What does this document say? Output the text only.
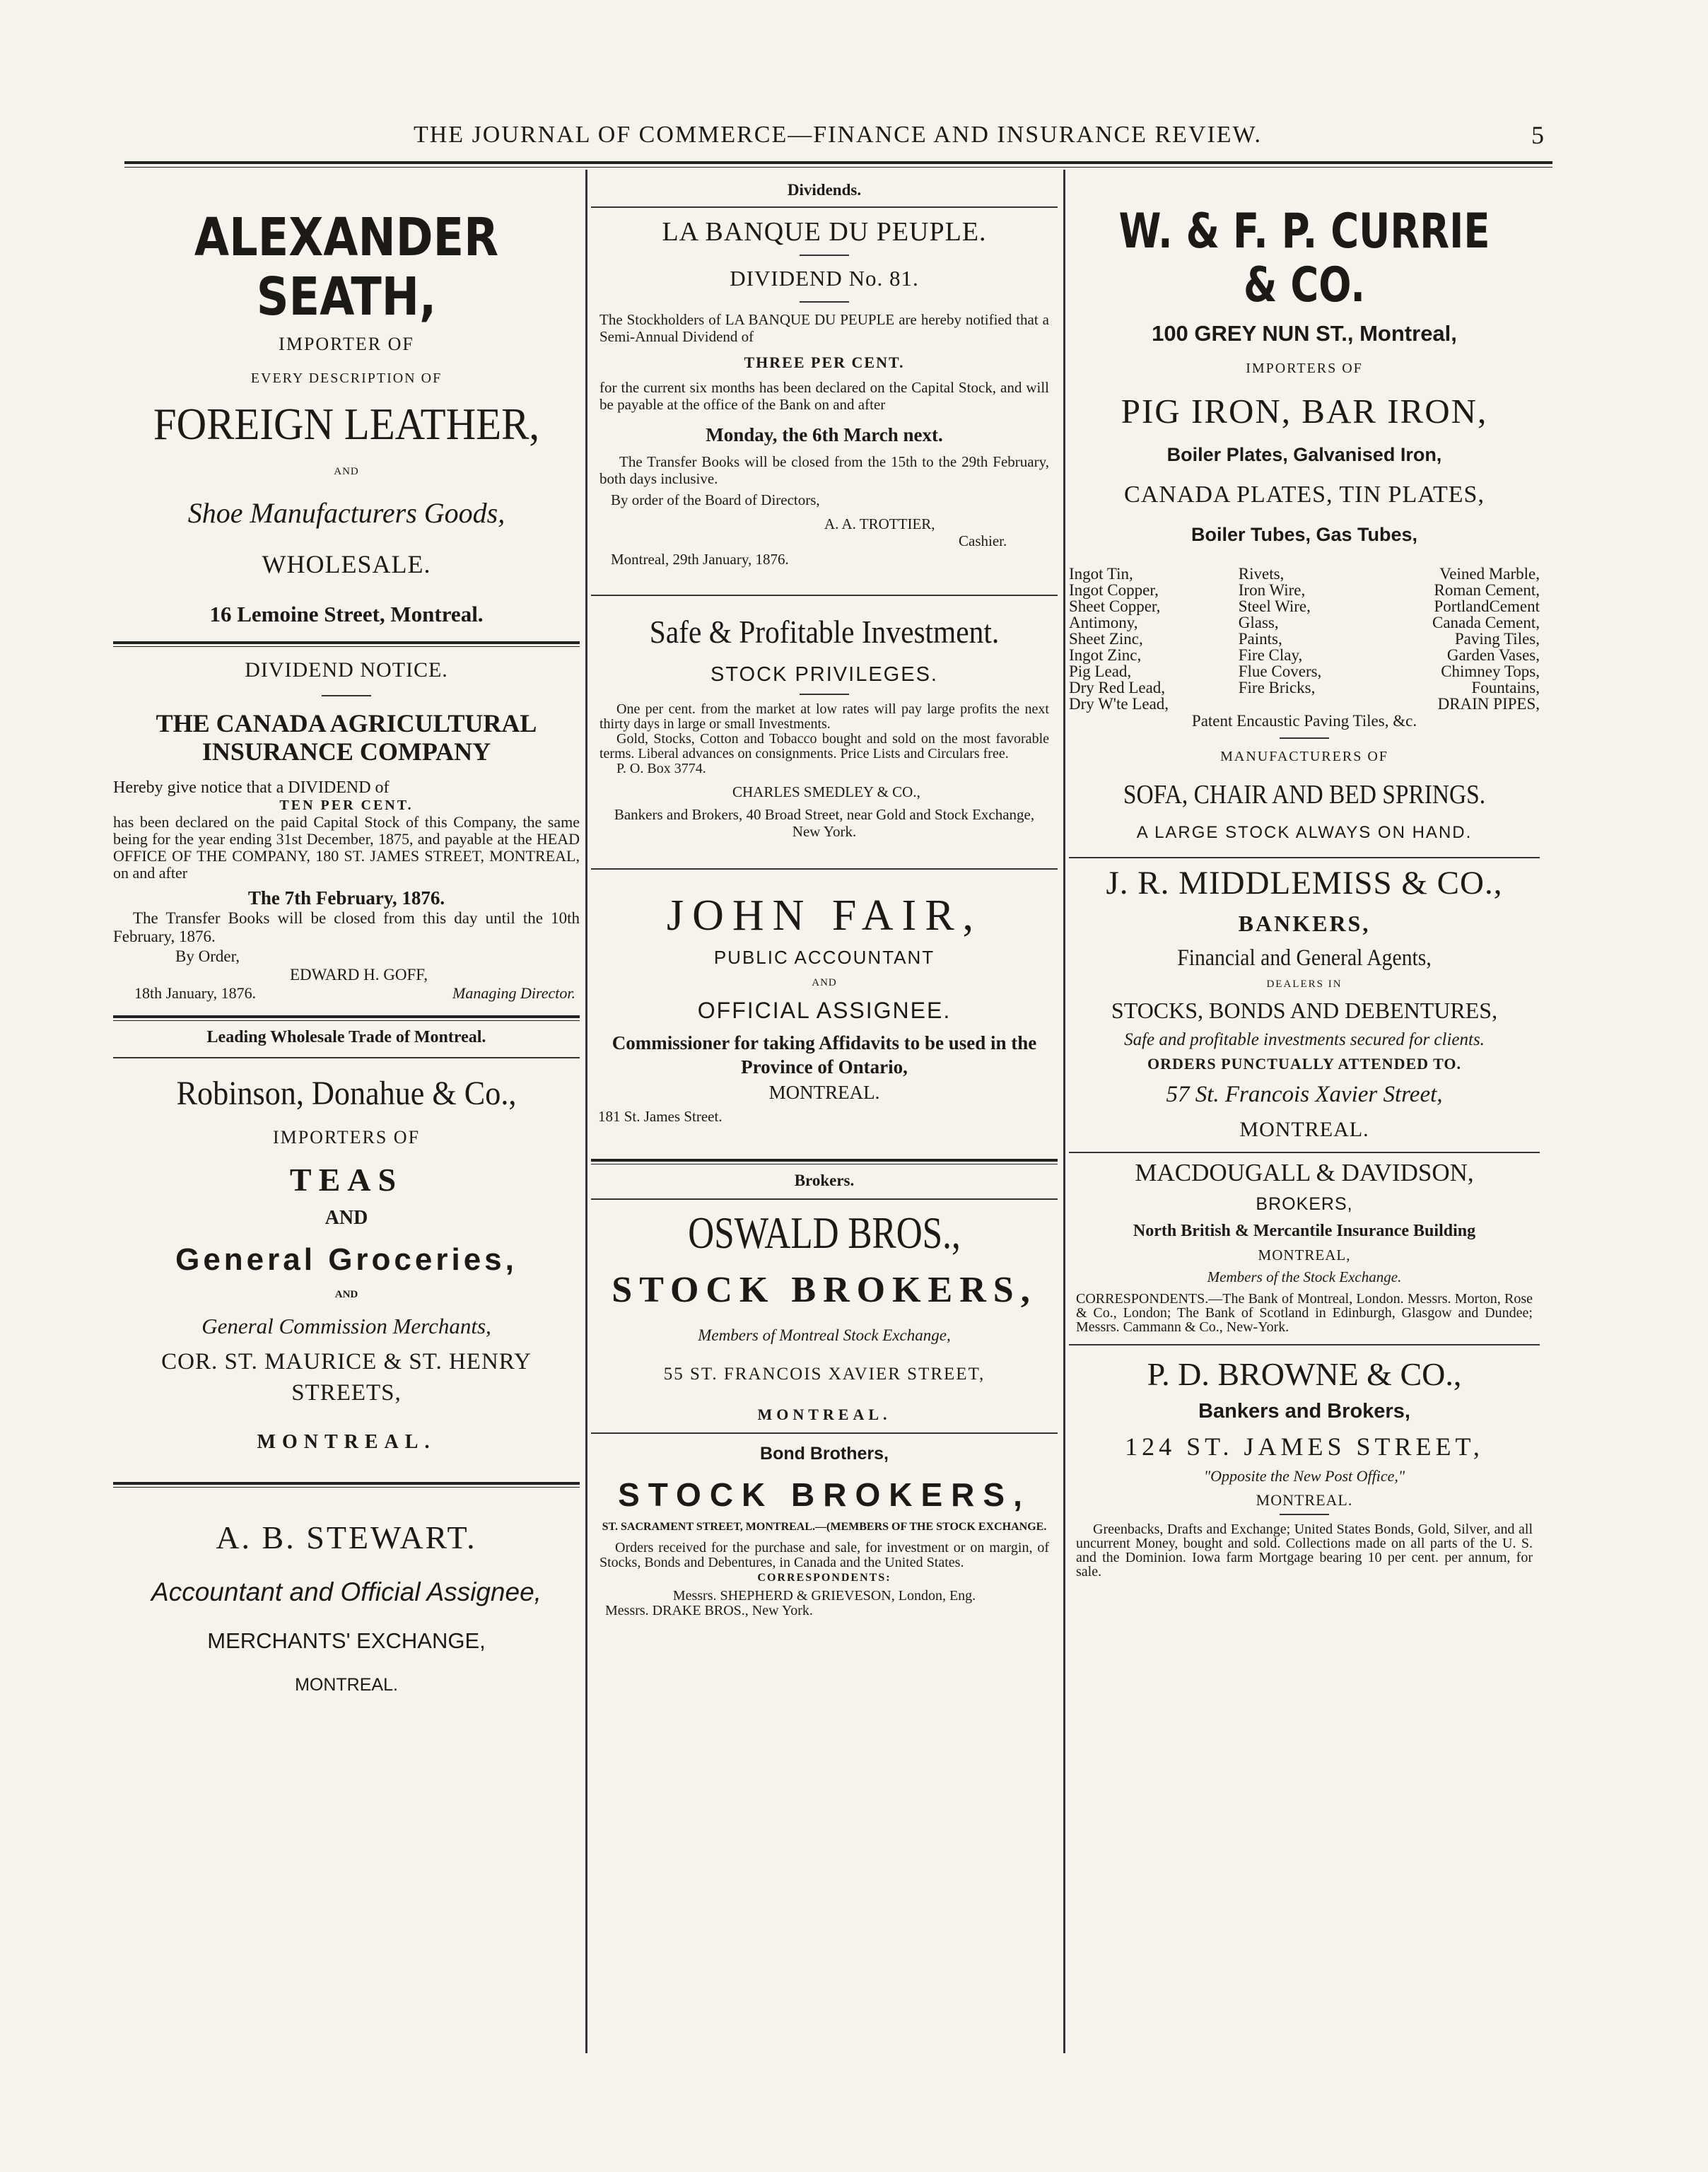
THE JOURNAL OF COMMERCE—FINANCE AND INSURANCE REVIEW.	5
ALEXANDER SEATH,
IMPORTER OF
EVERY DESCRIPTION OF
FOREIGN LEATHER,
AND
Shoe Manufacturers Goods,
WHOLESALE.
16 Lemoine Street, Montreal.
DIVIDEND NOTICE.
THE CANADA AGRICULTURAL INSURANCE COMPANY
Hereby give notice that a DIVIDEND of
TEN PER CENT.
has been declared on the paid Capital Stock of this Company, the same being for the year ending 31st December, 1875, and payable at the HEAD OFFICE OF THE COMPANY, 180 ST. JAMES STREET, MONTREAL, on and after
The 7th February, 1876.
The Transfer Books will be closed from this day until the 10th February, 1876.
By Order,
EDWARD H. GOFF,
18th January, 1876.	Managing Director.
Leading Wholesale Trade of Montreal.
Robinson, Donahue & Co.,
IMPORTERS OF
TEAS
AND
General Groceries,
AND
General Commission Merchants,
COR. ST. MAURICE & ST. HENRY STREETS,
MONTREAL.
A. B. STEWART.
Accountant and Official Assignee,
MERCHANTS' EXCHANGE,
MONTREAL.
Dividends.
LA BANQUE DU PEUPLE.
DIVIDEND No. 81.
The Stockholders of LA BANQUE DU PEUPLE are hereby notified that a Semi-Annual Dividend of
THREE PER CENT.
for the current six months has been declared on the Capital Stock, and will be payable at the office of the Bank on and after
Monday, the 6th March next.
The Transfer Books will be closed from the 15th to the 29th February, both days inclusive.
By order of the Board of Directors,
A. A. TROTTIER,
Cashier.
Montreal, 29th January, 1876.
Safe & Profitable Investment.
STOCK PRIVILEGES.
One per cent. from the market at low rates will pay large profits the next thirty days in large or small Investments.
Gold, Stocks, Cotton and Tobacco bought and sold on the most favorable terms. Liberal advances on consignments. Price Lists and Circulars free.
P. O. Box 3774.
CHARLES SMEDLEY & CO.,
Bankers and Brokers, 40 Broad Street, near Gold and Stock Exchange, New York.
JOHN FAIR,
PUBLIC ACCOUNTANT
AND
OFFICIAL ASSIGNEE.
Commissioner for taking Affidavits to be used in the Province of Ontario,
MONTREAL.
181 St. James Street.
Brokers.
OSWALD BROS.,
STOCK BROKERS,
Members of Montreal Stock Exchange,
55 ST. FRANCOIS XAVIER STREET,
MONTREAL.
Bond Brothers,
STOCK BROKERS,
ST. SACRAMENT STREET, MONTREAL.—(MEMBERS OF THE STOCK EXCHANGE.
Orders received for the purchase and sale, for investment or on margin, of Stocks, Bonds and Debentures, in Canada and the United States.
CORRESPONDENTS:
Messrs. SHEPHERD & GRIEVESON, London, Eng.
Messrs. DRAKE BROS., New York.
W. & F. P. CURRIE & CO.
100 GREY NUN ST., Montreal,
IMPORTERS OF
PIG IRON, BAR IRON,
Boiler Plates, Galvanised Iron,
CANADA PLATES, TIN PLATES,
Boiler Tubes, Gas Tubes,
Ingot Tin,	Rivets,	Veined Marble,
Ingot Copper,	Iron Wire,	Roman Cement,
Sheet Copper,	Steel Wire,	PortlandCement
Antimony,	Glass,	Canada Cement,
Sheet Zinc,	Paints,	Paving Tiles,
Ingot Zinc,	Fire Clay,	Garden Vases,
Pig Lead,	Flue Covers,	Chimney Tops,
Dry Red Lead,	Fire Bricks,	Fountains,
Dry W'te Lead,		DRAIN PIPES,
Patent Encaustic Paving Tiles, &c.
MANUFACTURERS OF
SOFA, CHAIR AND BED SPRINGS.
A LARGE STOCK ALWAYS ON HAND.
J. R. MIDDLEMISS & CO.,
BANKERS,
Financial and General Agents,
DEALERS IN
STOCKS, BONDS AND DEBENTURES,
Safe and profitable investments secured for clients.
ORDERS PUNCTUALLY ATTENDED TO.
57 St. Francois Xavier Street,
MONTREAL.
MACDOUGALL & DAVIDSON,
BROKERS,
North British & Mercantile Insurance Building
MONTREAL,
Members of the Stock Exchange.
CORRESPONDENTS.—The Bank of Montreal, London. Messrs. Morton, Rose & Co., London; The Bank of Scotland in Edinburgh, Glasgow and Dundee; Messrs. Cammann & Co., New-York.
P. D. BROWNE & CO.,
Bankers and Brokers,
124 ST. JAMES STREET,
"Opposite the New Post Office,"
MONTREAL.
Greenbacks, Drafts and Exchange; United States Bonds, Gold, Silver, and all uncurrent Money, bought and sold. Collections made on all parts of the U. S. and the Dominion. Iowa farm Mortgage bearing 10 per cent. per annum, for sale.
